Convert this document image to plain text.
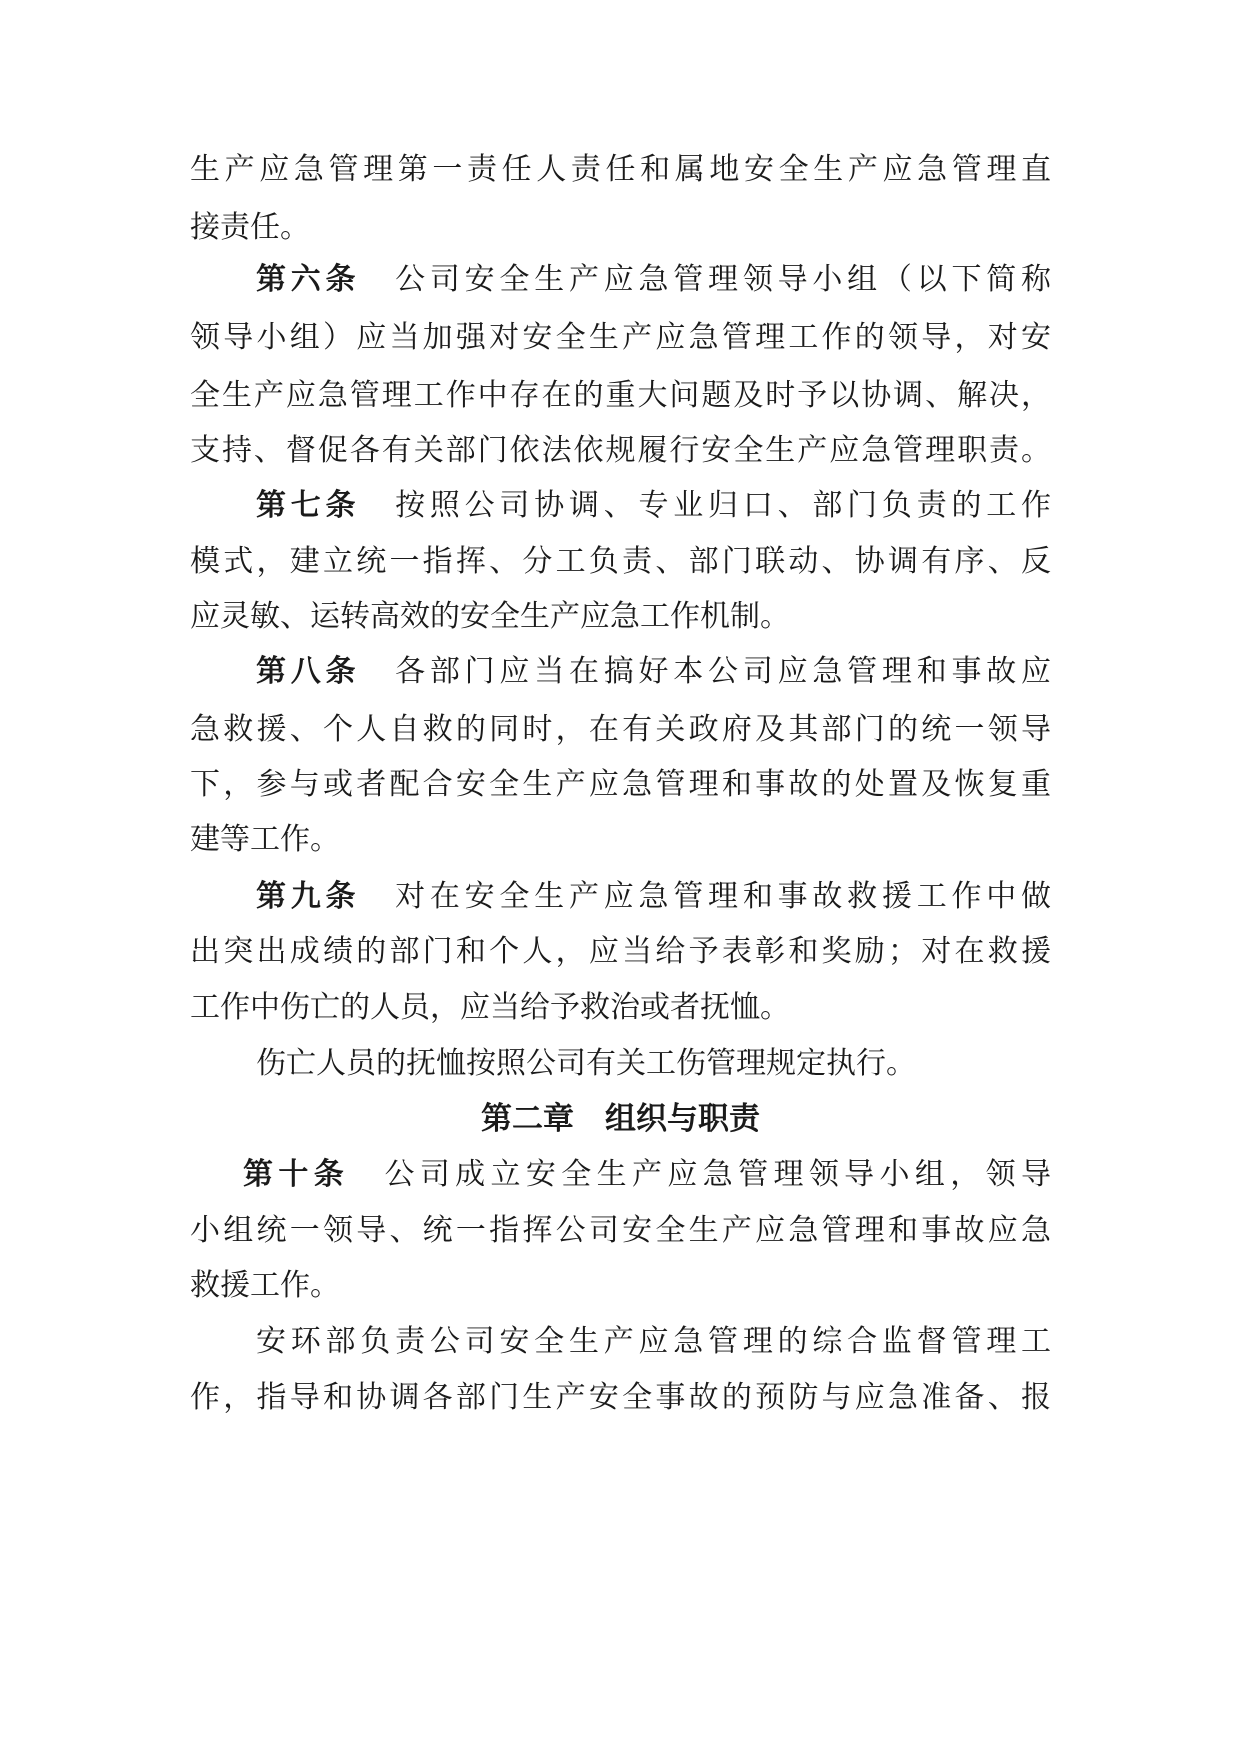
生产应急管理第一责任人责任和属地安全生产应急管理直
接责任。
第六条　公司安全生产应急管理领导小组（以下简称
领导小组）应当加强对安全生产应急管理工作的领导，对安
全生产应急管理工作中存在的重大问题及时予以协调、解决，
支持、督促各有关部门依法依规履行安全生产应急管理职责。
第七条　按照公司协调、专业归口、部门负责的工作
模式，建立统一指挥、分工负责、部门联动、协调有序、反
应灵敏、运转高效的安全生产应急工作机制。
第八条　各部门应当在搞好本公司应急管理和事故应
急救援、个人自救的同时，在有关政府及其部门的统一领导
下，参与或者配合安全生产应急管理和事故的处置及恢复重
建等工作。
第九条　对在安全生产应急管理和事故救援工作中做
出突出成绩的部门和个人，应当给予表彰和奖励；对在救援
工作中伤亡的人员，应当给予救治或者抚恤。
伤亡人员的抚恤按照公司有关工伤管理规定执行。
第二章　组织与职责
第十条　公司成立安全生产应急管理领导小组，领导
小组统一领导、统一指挥公司安全生产应急管理和事故应急
救援工作。
安环部负责公司安全生产应急管理的综合监督管理工
作，指导和协调各部门生产安全事故的预防与应急准备、报
